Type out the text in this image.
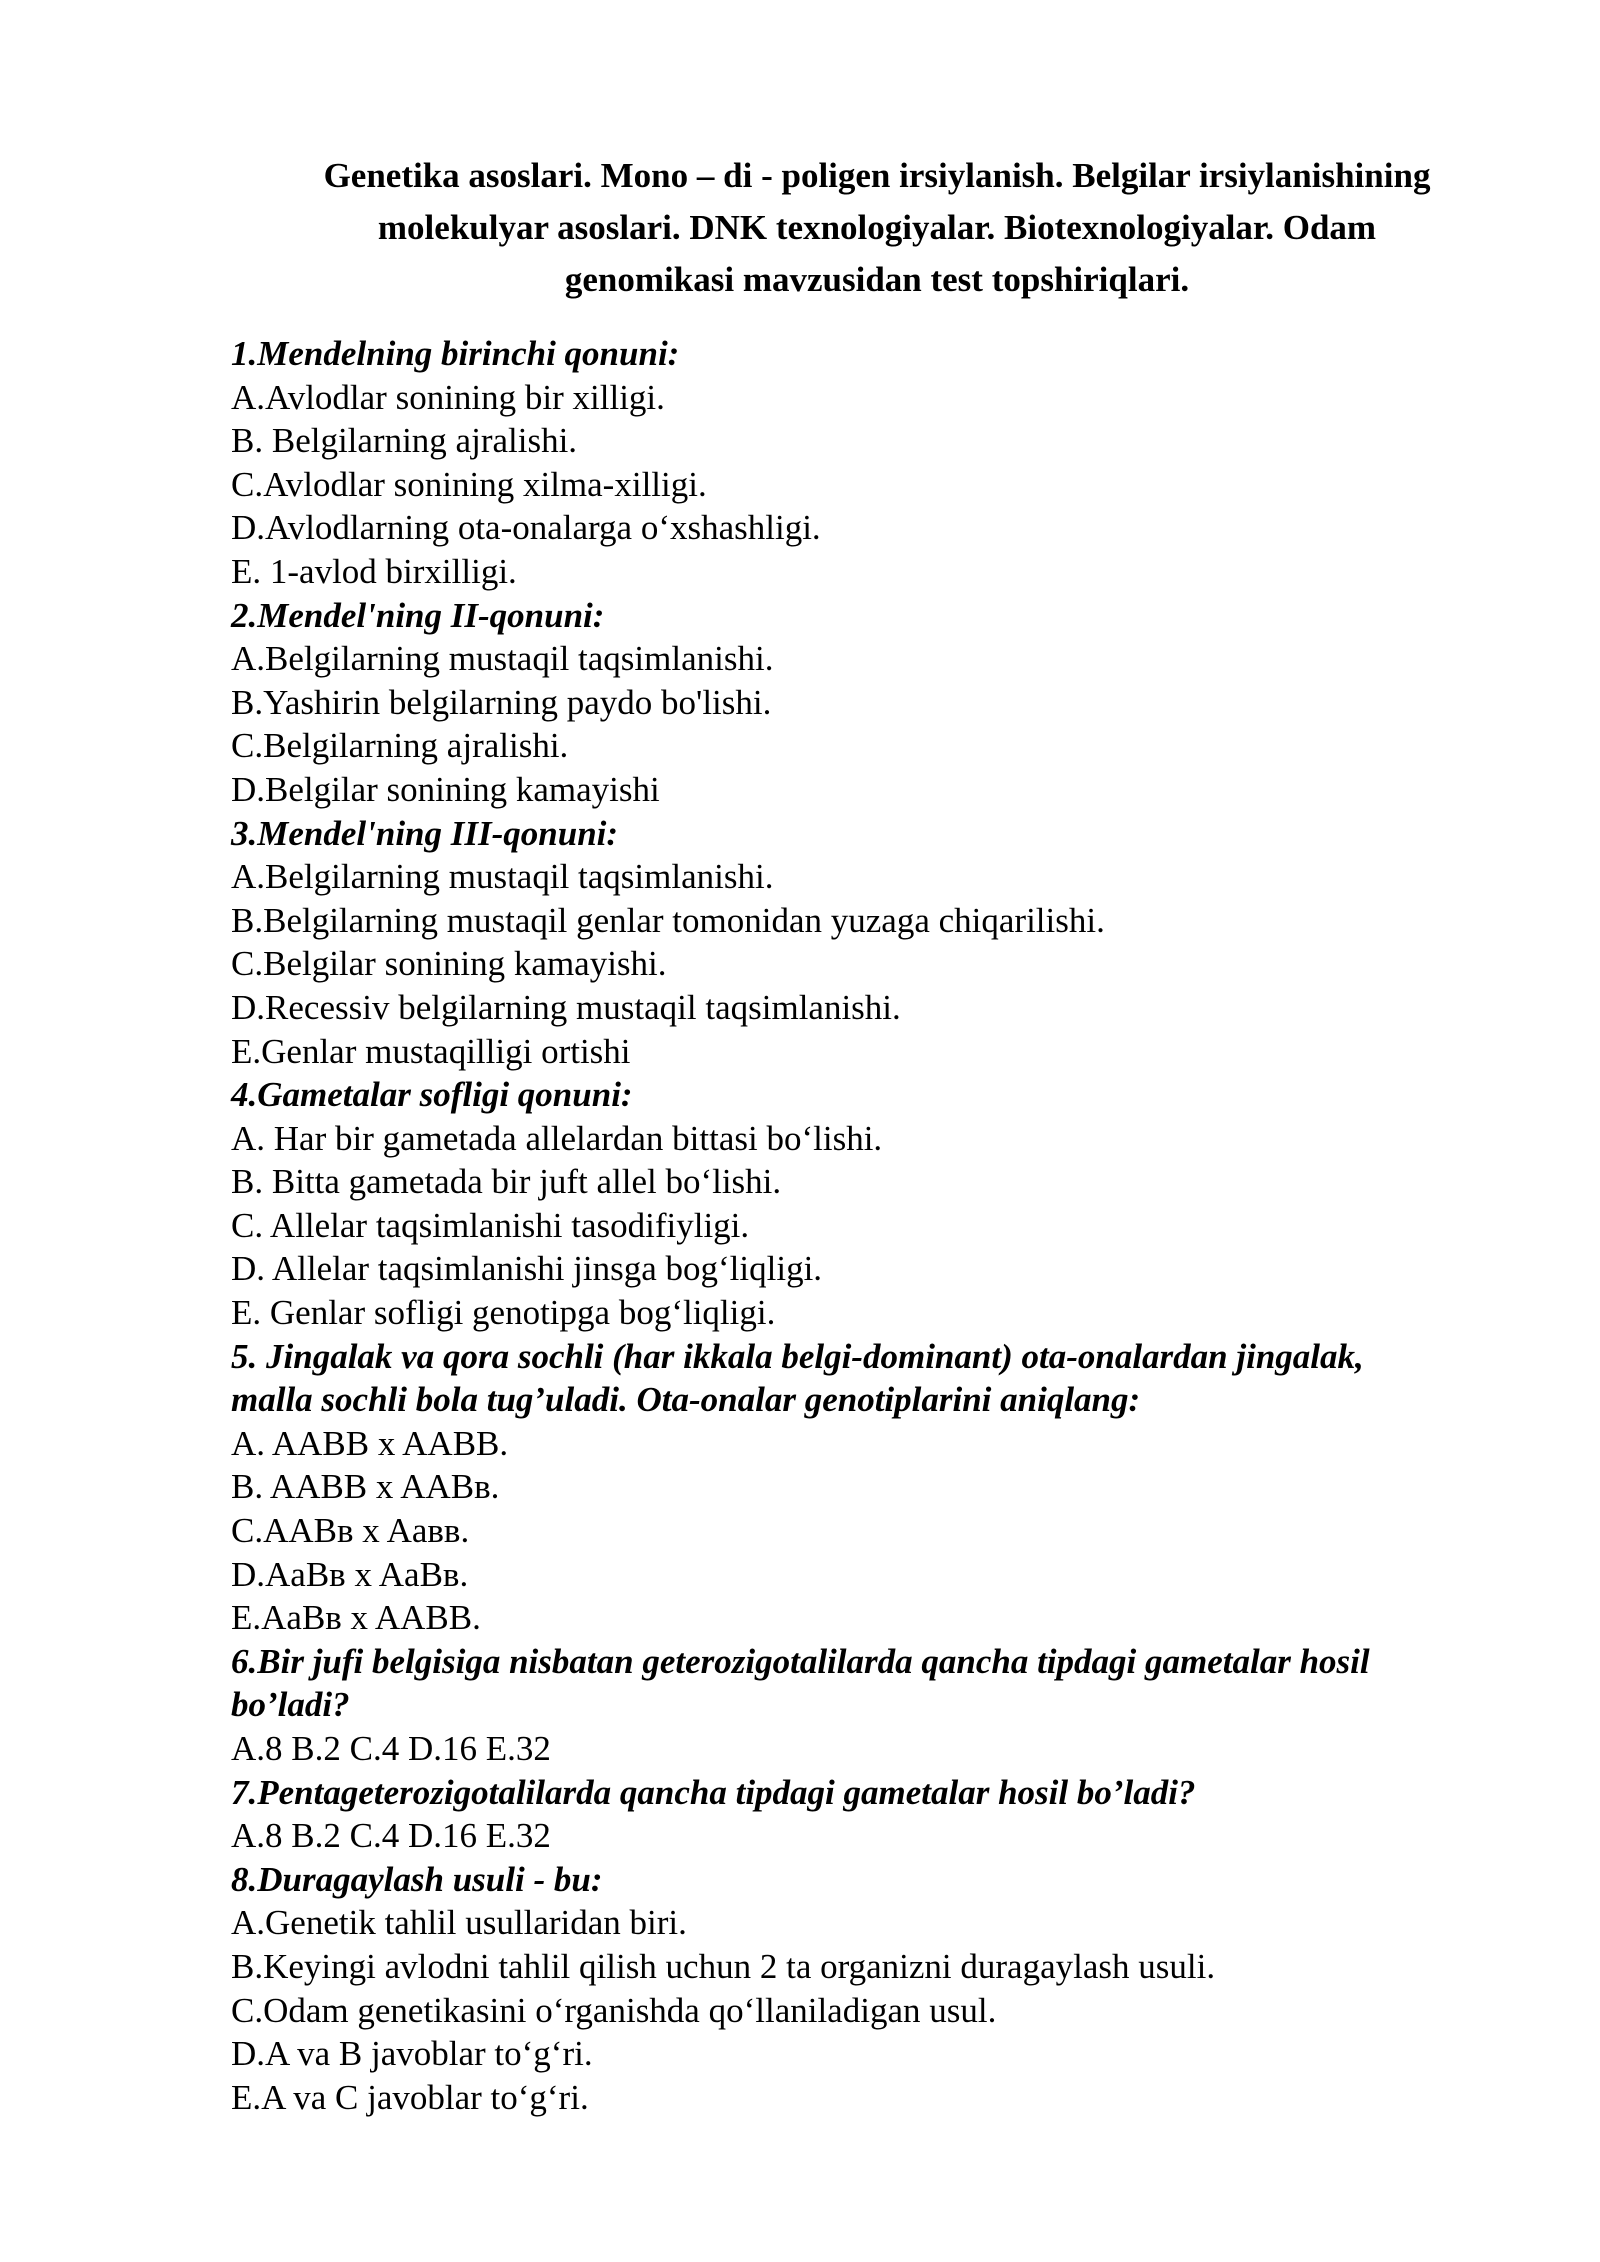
Genetika asoslari. Mono – di - poligen irsiylanish. Belgilar irsiylanishining
molekulyar asoslari. DNK texnologiyalar. Biotexnologiyalar. Odam
genomikasi mavzusidan test topshiriqlari.
1.Mendelning birinchi qonuni:
A.Avlodlar sonining bir xilligi.
B. Belgilarning ajralishi.
C.Avlodlar sonining xilma-xilligi.
D.Avlodlarning ota-onalarga o‘xshashligi.
E. 1-avlod birxilligi.
2.Mendel'ning II-qonuni:
A.Belgilarning mustaqil taqsimlanishi.
B.Yashirin belgilarning paydo bo'lishi.
C.Belgilarning ajralishi.
D.Belgilar sonining kamayishi
3.Mendel'ning III-qonuni:
A.Belgilarning mustaqil taqsimlanishi.
B.Belgilarning mustaqil genlar tomonidan yuzaga chiqarilishi.
C.Belgilar sonining kamayishi.
D.Recessiv belgilarning mustaqil taqsimlanishi.
E.Genlar mustaqilligi ortishi
4.Gametalar sofligi qonuni:
A. Har bir gametada allelardan bittasi bo‘lishi.
B. Bitta gametada bir juft allel bo‘lishi.
C. Allelar taqsimlanishi tasodifiyligi.
D. Allelar taqsimlanishi jinsga bog‘liqligi.
E. Genlar sofligi genotipga bog‘liqligi.
5. Jingalak va qora sochli (har ikkala belgi-dominant) ota-onalardan jingalak,
malla sochli bola tug’uladi. Ota-onalar genotiplarini aniqlang:
A. AABB x AABB.
B. AABB x AABв.
C.AABв x Aaвв.
D.AaBв x AaBв.
E.AaBв x AABB.
6.Bir jufi belgisiga nisbatan geterozigotalilarda qancha tipdagi gametalar hosil
bo’ladi?
A.8 B.2 C.4 D.16 E.32
7.Pentageterozigotalilarda qancha tipdagi gametalar hosil bo’ladi?
A.8 B.2 C.4 D.16 E.32
8.Duragaylash usuli - bu:
A.Genetik tahlil usullaridan biri.
B.Keyingi avlodni tahlil qilish uchun 2 ta organizni duragaylash usuli.
C.Odam genetikasini o‘rganishda qo‘llaniladigan usul.
D.A va B javoblar to‘g‘ri.
E.A va C javoblar to‘g‘ri.
